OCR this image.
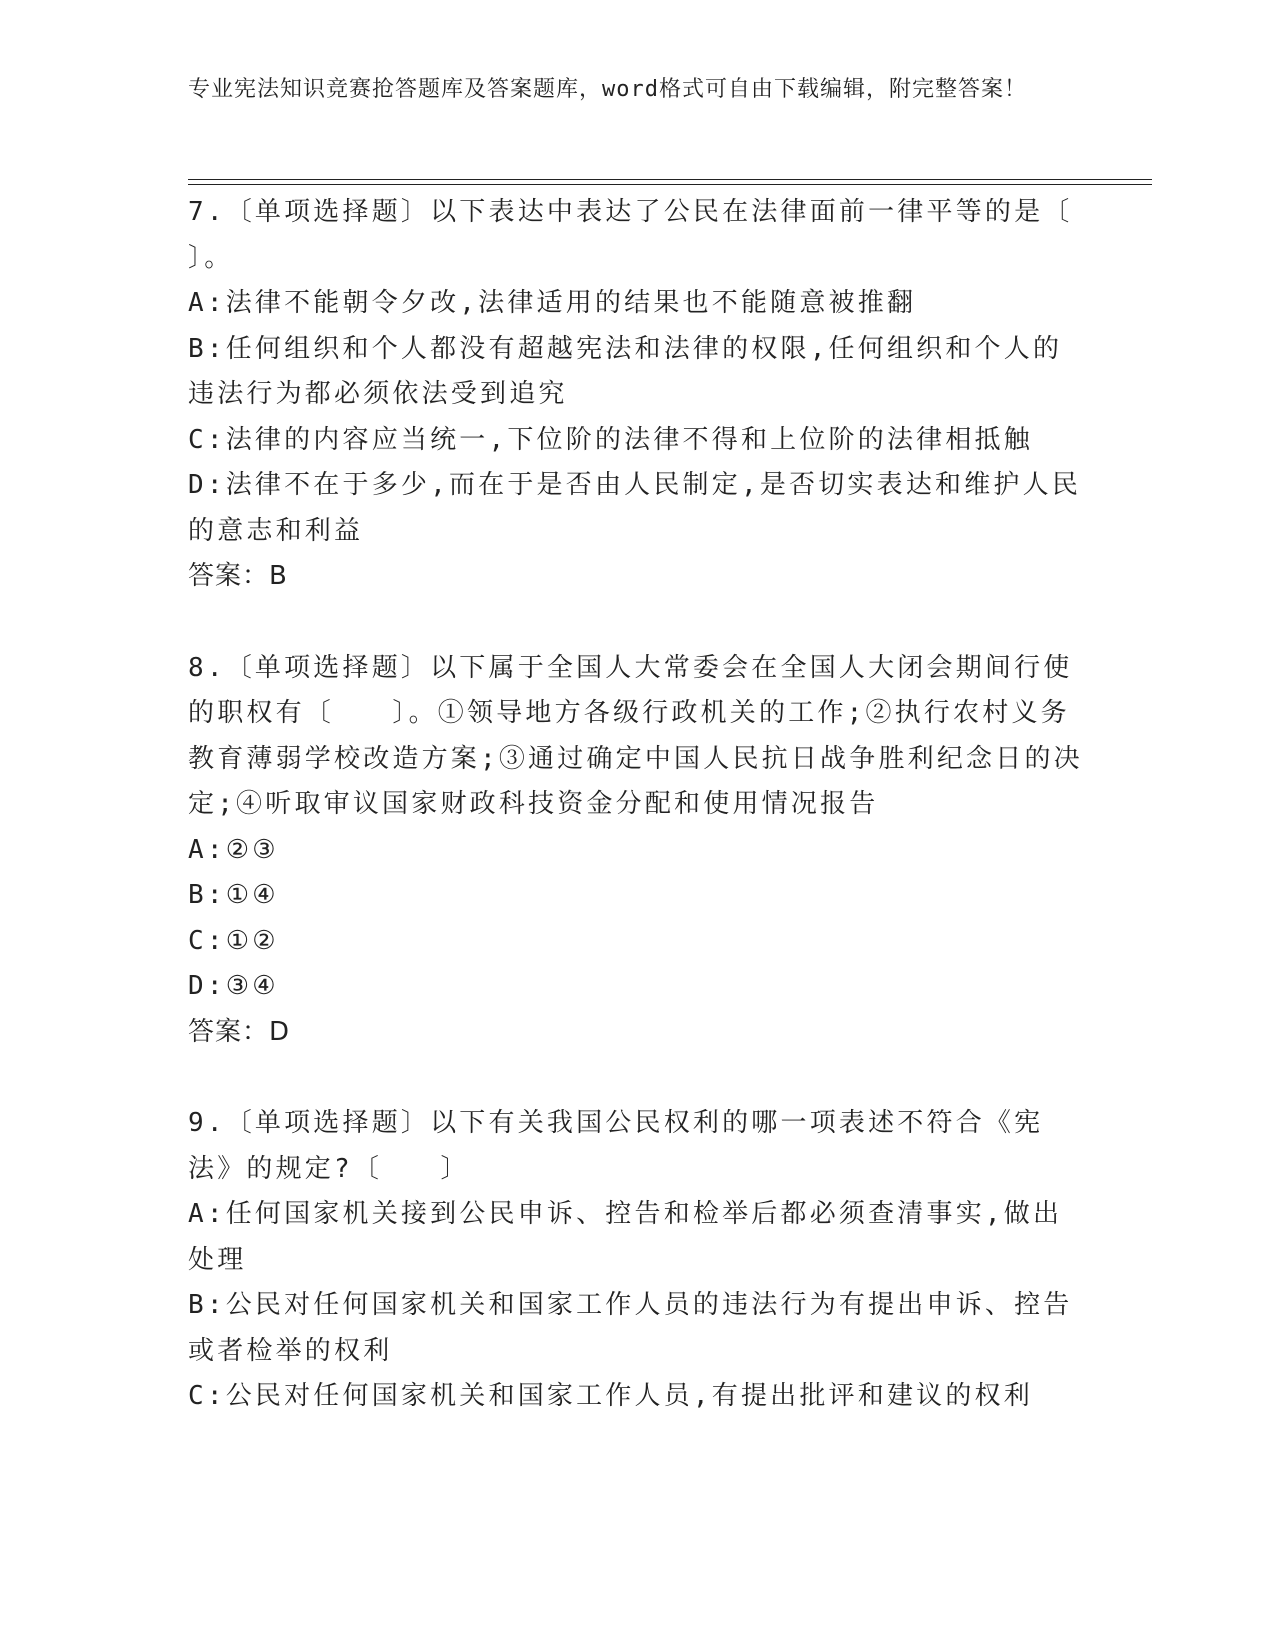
专业宪法知识竞赛抢答题库及答案题库，word格式可自由下载编辑，附完整答案！
7.〔单项选择题〕以下表达中表达了公民在法律面前一律平等的是〔 〕。
A:法律不能朝令夕改,法律适用的结果也不能随意被推翻
B:任何组织和个人都没有超越宪法和法律的权限,任何组织和个人的违法行为都必须依法受到追究
C:法律的内容应当统一,下位阶的法律不得和上位阶的法律相抵触
D:法律不在于多少,而在于是否由人民制定,是否切实表达和维护人民的意志和利益
答案：B
8.〔单项选择题〕以下属于全国人大常委会在全国人大闭会期间行使的职权有〔　　〕。①领导地方各级行政机关的工作;②执行农村义务教育薄弱学校改造方案;③通过确定中国人民抗日战争胜利纪念日的决定;④听取审议国家财政科技资金分配和使用情况报告
A:②③
B:①④
C:①②
D:③④
答案：D
9.〔单项选择题〕以下有关我国公民权利的哪一项表述不符合《宪法》的规定?〔　　〕
A:任何国家机关接到公民申诉、控告和检举后都必须查清事实,做出处理
B:公民对任何国家机关和国家工作人员的违法行为有提出申诉、控告或者检举的权利
C:公民对任何国家机关和国家工作人员,有提出批评和建议的权利
